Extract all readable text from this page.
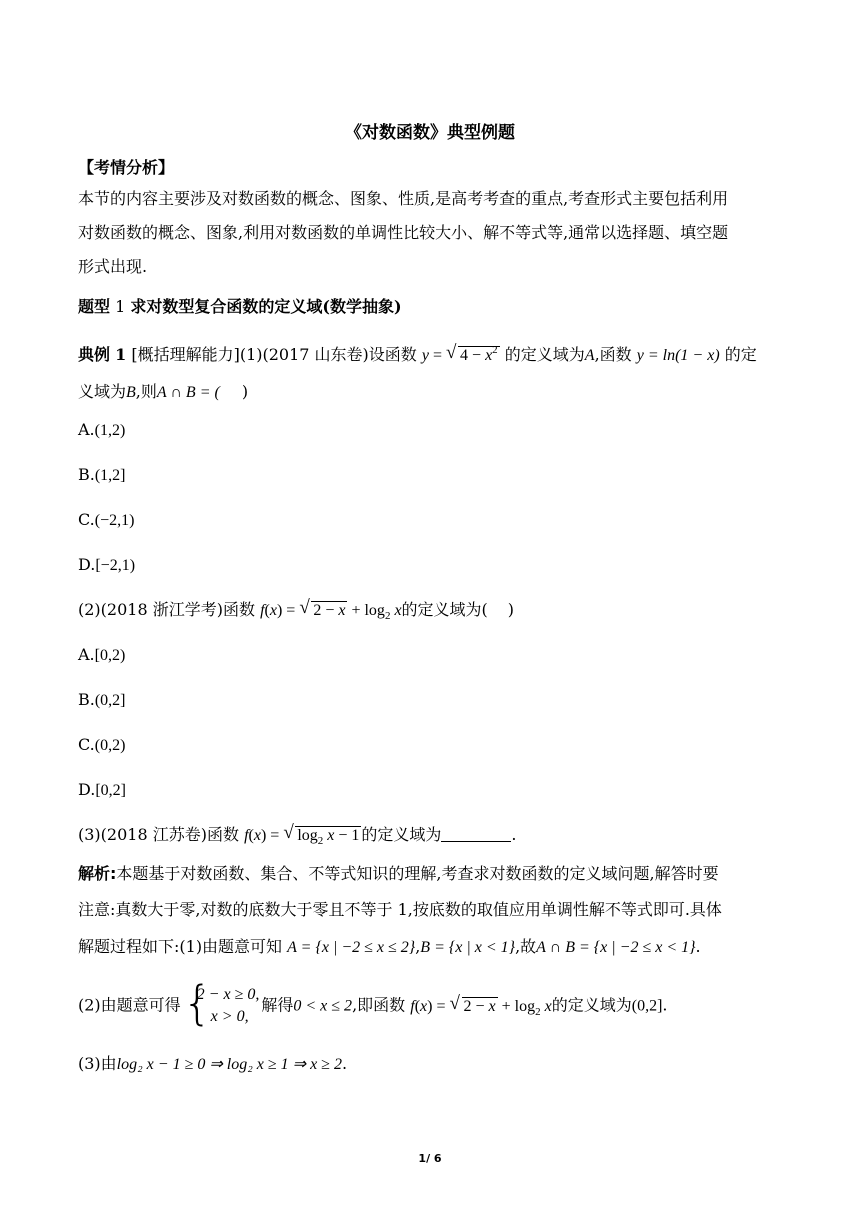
《对数函数》典型例题
【考情分析】
本节的内容主要涉及对数函数的概念、图象、性质,是高考考查的重点,考查形式主要包括利用
对数函数的概念、图象,利用对数函数的单调性比较大小、解不等式等,通常以选择题、填空题
形式出现.
题型 1 求对数型复合函数的定义域(数学抽象)
典例 1 [概括理解能力](1)(2017 山东卷)设函数 y = √ $4 - x^2$ 的定义域为A,函数 y = ln(1 − x) 的定
义域为B,则A ∩ B = ( )
A.(1,2)
B.(1,2]
C.(−2,1)
D.[−2,1)
(2)(2018 浙江学考)函数 f(x) = √ $2 - x + \log_2 x$的定义域为( )
A.[0,2)
B.(0,2]
C.(0,2)
D.[0,2]
(3)(2018 江苏卷)函数 f(x) = √ $\log_2 x - 1$ 的定义域为	.
解析:本题基于对数函数、集合、不等式知识的理解,考查求对数函数的定义域问题,解答时要
注意:真数大于零,对数的底数大于零且不等于 1,按底数的取值应用单调性解不等式即可.具体
解题过程如下:(1)由题意可知 A = {x | −2 ≤ x ≤ 2},B = {x | x < 1},故A ∩ B = {x | −2 ≤ x < 1}.
(2)由题意可得 {
2 − x ≥ 0,
x > 0,
解得0 < x ≤ 2,即函数 f(x) = √ $2 - x + \log_2 x$的定义域为(0,2].
(3)由log₂ x − 1 ≥ 0 ⇒ log₂ x ≥ 1 ⇒ x ≥ 2.
1/ 6
